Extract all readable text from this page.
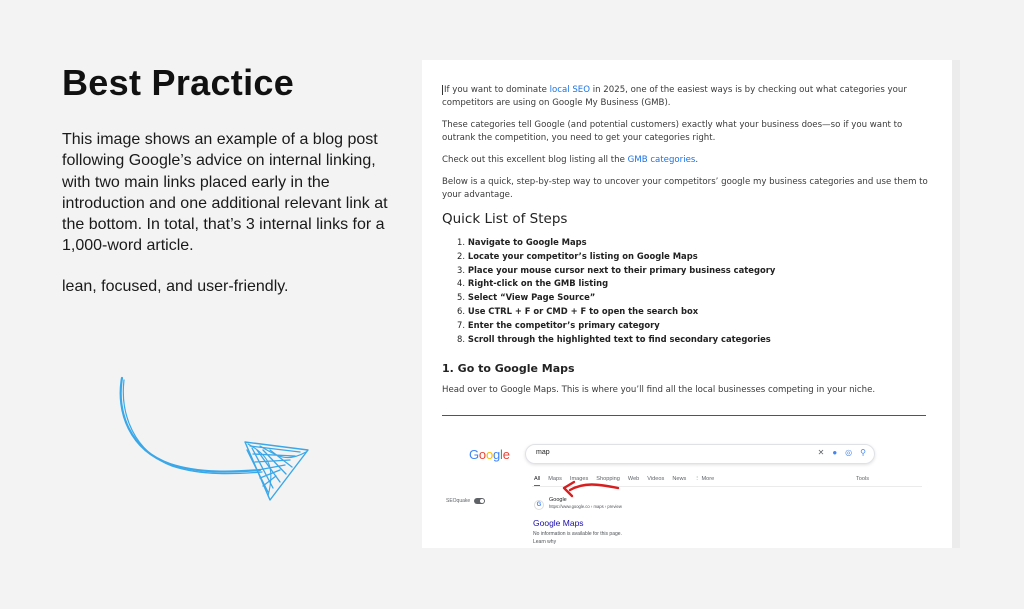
Best Practice

This image shows an example of a blog post following Google’s advice on internal linking, with two main links placed early in the introduction and one additional relevant link at the bottom. In total, that’s 3 internal links for a 1,000-word article.

lean, focused, and user-friendly.

If you want to dominate local SEO in 2025, one of the easiest ways is by checking out what categories your competitors are using on Google My Business (GMB).

These categories tell Google (and potential customers) exactly what your business does—so if you want to outrank the competition, you need to get your categories right.

Check out this excellent blog listing all the GMB categories.

Below is a quick, step-by-step way to uncover your competitors’ google my business categories and use them to your advantage.

Quick List of Steps
1. Navigate to Google Maps
2. Locate your competitor’s listing on Google Maps
3. Place your mouse cursor next to their primary business category
4. Right-click on the GMB listing
5. Select “View Page Source”
6. Use CTRL + F or CMD + F to open the search box
7. Enter the competitor’s primary category
8. Scroll through the highlighted text to find secondary categories
1. Go to Google Maps

Head over to Google Maps. This is where you’ll find all the local businesses competing in your niche.

Google	map	✕ ● ◎ ⚲
All Maps Images Shopping Web Videos News ⋮ More	Tools
SEOquake
G
Google
https://www.google.co › maps › preview
Google Maps
No information is available for this page.
Learn why
